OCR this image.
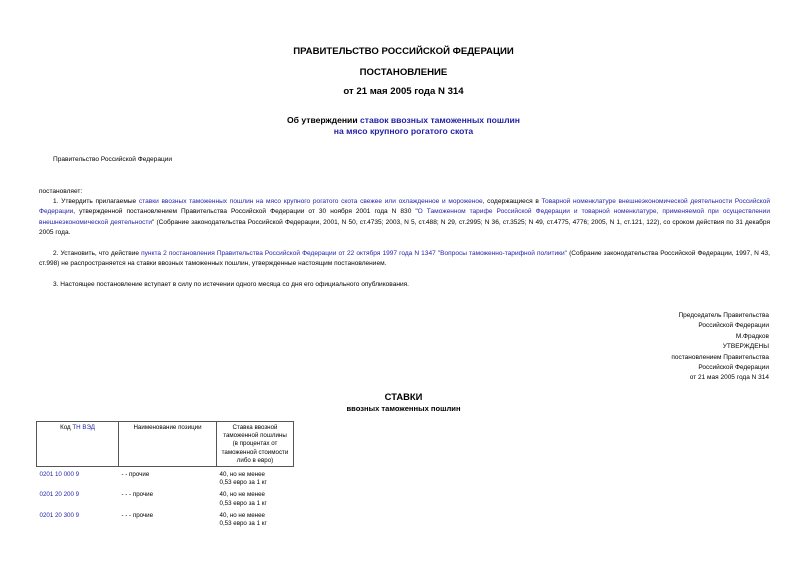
ПРАВИТЕЛЬСТВО РОССИЙСКОЙ ФЕДЕРАЦИИ
ПОСТАНОВЛЕНИЕ
от 21 мая 2005 года N 314
Об утверждении ставок ввозных таможенных пошлин
на мясо крупного рогатого скота
Правительство Российской Федерации
постановляет:
1. Утвердить прилагаемые ставки ввозных таможенных пошлин на мясо крупного рогатого скота свежее или охлажденное и мороженое, содержащиеся в Товарной номенклатуре внешнеэкономической деятельности Российской Федерации, утвержденной постановлением Правительства Российской Федерации от 30 ноября 2001 года N 830 "О Таможенном тарифе Российской Федерации и товарной номенклатуре, применяемой при осуществлении внешнеэкономической деятельности" (Собрание законодательства Российской Федерации, 2001, N 50, ст.4735; 2003, N 5, ст.488; N 29, ст.2995; N 36, ст.3525; N 49, ст.4775, 4776; 2005, N 1, ст.121, 122), со сроком действия по 31 декабря 2005 года.
2. Установить, что действие пункта 2 постановления Правительства Российской Федерации от 22 октября 1997 года N 1347 "Вопросы таможенно-тарифной политики" (Собрание законодательства Российской Федерации, 1997, N 43, ст.998) не распространяется на ставки ввозных таможенных пошлин, утвержденные настоящим постановлением.
3. Настоящее постановление вступает в силу по истечении одного месяца со дня его официального опубликования.
Председатель Правительства
Российской Федерации
М.Фрадков
УТВЕРЖДЕНЫ
постановлением Правительства
Российской Федерации
от 21 мая 2005 года N 314
СТАВКИ
ввозных таможенных пошлин
Код ТН ВЭД	Наименование позиции	Ставка ввозной
таможенной пошлины
(в процентах от
таможенной стоимости
либо в евро)

0201 10 000 9	- - прочие	40, но не менее
0,53 евро за 1 кг

0201 20 200 9	- - - прочие	40, но не менее
0,53 евро за 1 кг

0201 20 300 9	- - - прочие	40, но не менее
0,53 евро за 1 кг
